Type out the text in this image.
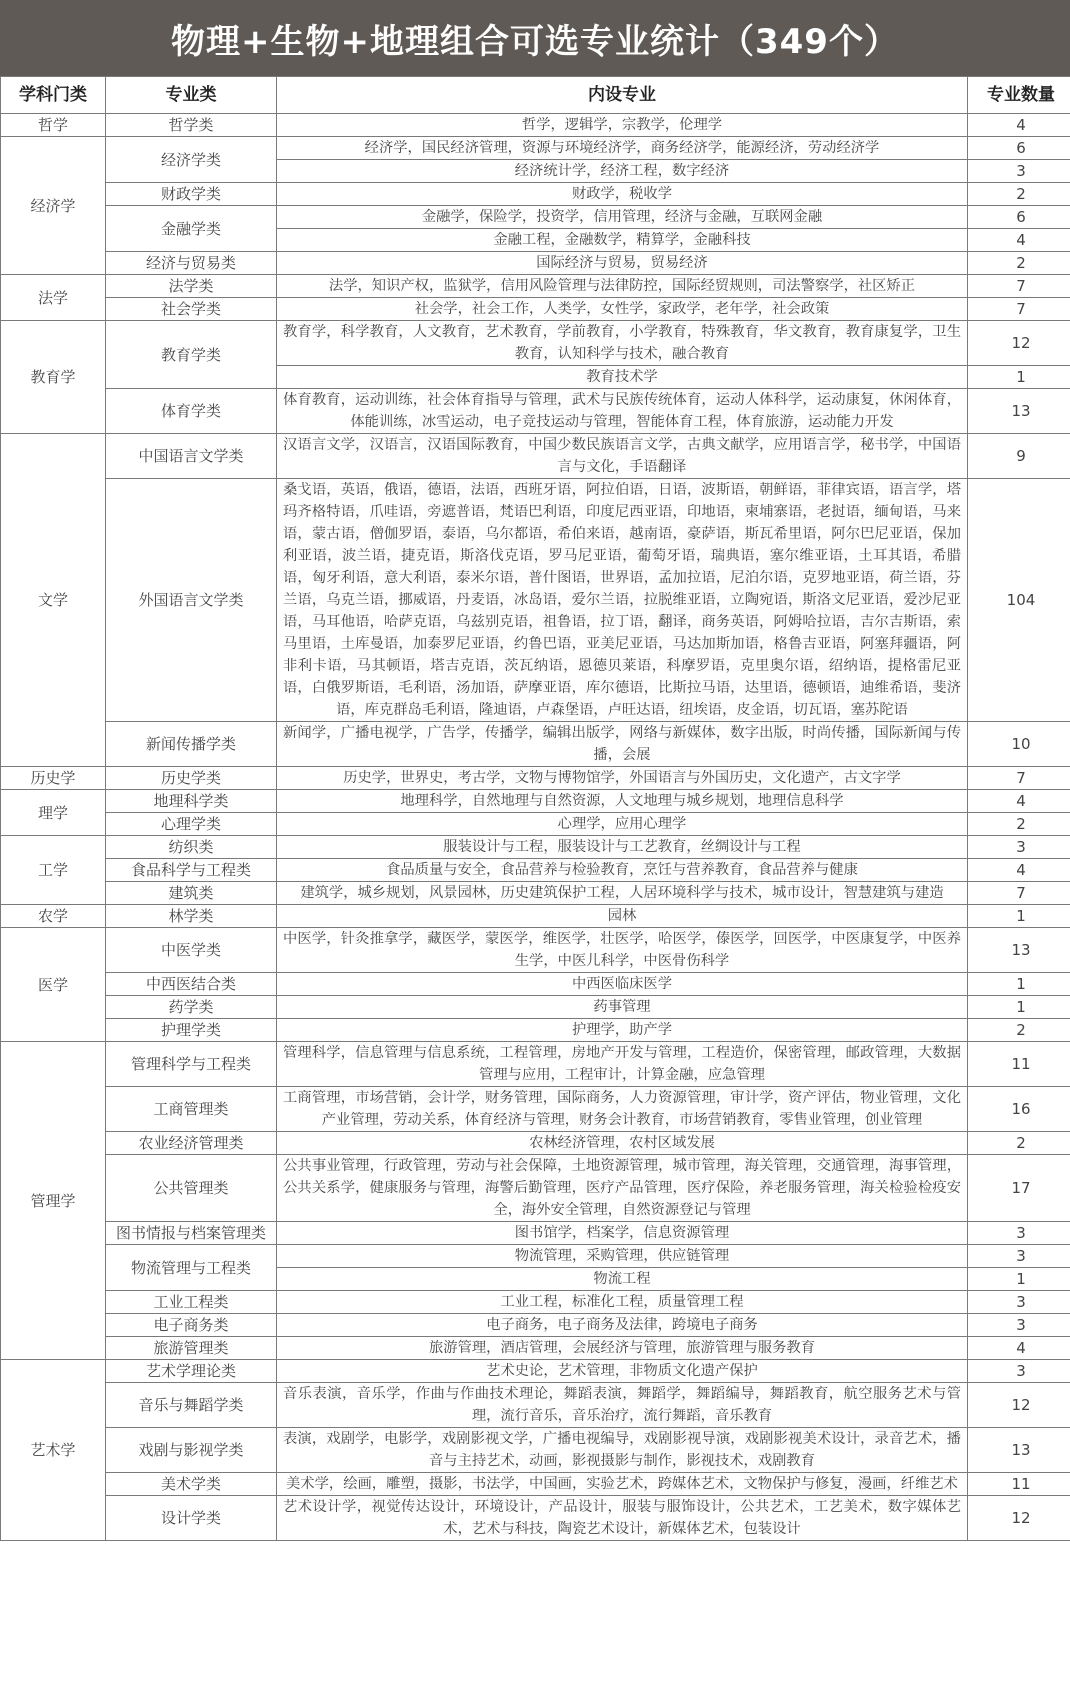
物理+生物+地理组合可选专业统计（349个）
学科门类	专业类	内设专业	专业数量
哲学	哲学类	哲学，逻辑学，宗教学，伦理学	4
经济学	经济学类	经济学，国民经济管理，资源与环境经济学，商务经济学，能源经济，劳动经济学	6
		经济统计学，经济工程，数字经济	3
	财政学类	财政学，税收学	2
	金融学类	金融学，保险学，投资学，信用管理，经济与金融，互联网金融	6
		金融工程，金融数学，精算学，金融科技	4
	经济与贸易类	国际经济与贸易，贸易经济	2
法学	法学类	法学，知识产权，监狱学，信用风险管理与法律防控，国际经贸规则，司法警察学，社区矫正	7
	社会学类	社会学，社会工作，人类学，女性学，家政学，老年学，社会政策	7
教育学	教育学类	教育学，科学教育，人文教育，艺术教育，学前教育，小学教育，特殊教育，华文教育，教育康复学，卫生教育，认知科学与技术，融合教育	12
		教育技术学	1
	体育学类	体育教育，运动训练，社会体育指导与管理，武术与民族传统体育，运动人体科学，运动康复，休闲体育，体能训练，冰雪运动，电子竞技运动与管理，智能体育工程，体育旅游，运动能力开发	13
文学	中国语言文学类	汉语言文学，汉语言，汉语国际教育，中国少数民族语言文学，古典文献学，应用语言学，秘书学，中国语言与文化，手语翻译	9
	外国语言文学类	桑戈语，英语，俄语，德语，法语，西班牙语，阿拉伯语，日语，波斯语，朝鲜语，菲律宾语，语言学，塔玛齐格特语，爪哇语，旁遮普语，梵语巴利语，印度尼西亚语，印地语，柬埔寨语，老挝语，缅甸语，马来语，蒙古语，僧伽罗语，泰语，乌尔都语，希伯来语，越南语，豪萨语，斯瓦希里语，阿尔巴尼亚语，保加利亚语，波兰语，捷克语，斯洛伐克语，罗马尼亚语，葡萄牙语，瑞典语，塞尔维亚语，土耳其语，希腊语，匈牙利语，意大利语，泰米尔语，普什图语，世界语，孟加拉语，尼泊尔语，克罗地亚语，荷兰语，芬兰语，乌克兰语，挪威语，丹麦语，冰岛语，爱尔兰语，拉脱维亚语，立陶宛语，斯洛文尼亚语，爱沙尼亚语，马耳他语，哈萨克语，乌兹别克语，祖鲁语，拉丁语，翻译，商务英语，阿姆哈拉语，吉尔吉斯语，索马里语，土库曼语，加泰罗尼亚语，约鲁巴语，亚美尼亚语，马达加斯加语，格鲁吉亚语，阿塞拜疆语，阿非利卡语，马其顿语，塔吉克语，茨瓦纳语，恩德贝莱语，科摩罗语，克里奥尔语，绍纳语，提格雷尼亚语，白俄罗斯语，毛利语，汤加语，萨摩亚语，库尔德语，比斯拉马语，达里语，德顿语，迪维希语，斐济语，库克群岛毛利语，隆迪语，卢森堡语，卢旺达语，纽埃语，皮金语，切瓦语，塞苏陀语	104
	新闻传播学类	新闻学，广播电视学，广告学，传播学，编辑出版学，网络与新媒体，数字出版，时尚传播，国际新闻与传播，会展	10
历史学	历史学类	历史学，世界史，考古学，文物与博物馆学，外国语言与外国历史，文化遗产，古文字学	7
理学	地理科学类	地理科学，自然地理与自然资源，人文地理与城乡规划，地理信息科学	4
	心理学类	心理学，应用心理学	2
工学	纺织类	服装设计与工程，服装设计与工艺教育，丝绸设计与工程	3
	食品科学与工程类	食品质量与安全，食品营养与检验教育，烹饪与营养教育，食品营养与健康	4
	建筑类	建筑学，城乡规划，风景园林，历史建筑保护工程，人居环境科学与技术，城市设计，智慧建筑与建造	7
农学	林学类	园林	1
医学	中医学类	中医学，针灸推拿学，藏医学，蒙医学，维医学，壮医学，哈医学，傣医学，回医学，中医康复学，中医养生学，中医儿科学，中医骨伤科学	13
	中西医结合类	中西医临床医学	1
	药学类	药事管理	1
	护理学类	护理学，助产学	2
管理学	管理科学与工程类	管理科学，信息管理与信息系统，工程管理，房地产开发与管理，工程造价，保密管理，邮政管理，大数据管理与应用，工程审计，计算金融，应急管理	11
	工商管理类	工商管理，市场营销，会计学，财务管理，国际商务，人力资源管理，审计学，资产评估，物业管理，文化产业管理，劳动关系，体育经济与管理，财务会计教育，市场营销教育，零售业管理，创业管理	16
	农业经济管理类	农林经济管理，农村区域发展	2
	公共管理类	公共事业管理，行政管理，劳动与社会保障，土地资源管理，城市管理，海关管理，交通管理，海事管理，公共关系学，健康服务与管理，海警后勤管理，医疗产品管理，医疗保险，养老服务管理，海关检验检疫安全，海外安全管理，自然资源登记与管理	17
	图书情报与档案管理类	图书馆学，档案学，信息资源管理	3
	物流管理与工程类	物流管理，采购管理，供应链管理	3
		物流工程	1
	工业工程类	工业工程，标准化工程，质量管理工程	3
	电子商务类	电子商务，电子商务及法律，跨境电子商务	3
	旅游管理类	旅游管理，酒店管理，会展经济与管理，旅游管理与服务教育	4
艺术学	艺术学理论类	艺术史论，艺术管理，非物质文化遗产保护	3
	音乐与舞蹈学类	音乐表演，音乐学，作曲与作曲技术理论，舞蹈表演，舞蹈学，舞蹈编导，舞蹈教育，航空服务艺术与管理，流行音乐，音乐治疗，流行舞蹈，音乐教育	12
	戏剧与影视学类	表演，戏剧学，电影学，戏剧影视文学，广播电视编导，戏剧影视导演，戏剧影视美术设计，录音艺术，播音与主持艺术，动画，影视摄影与制作，影视技术，戏剧教育	13
	美术学类	美术学，绘画，雕塑，摄影，书法学，中国画，实验艺术，跨媒体艺术，文物保护与修复，漫画，纤维艺术	11
	设计学类	艺术设计学，视觉传达设计，环境设计，产品设计，服装与服饰设计，公共艺术，工艺美术，数字媒体艺术，艺术与科技，陶瓷艺术设计，新媒体艺术，包装设计	12
